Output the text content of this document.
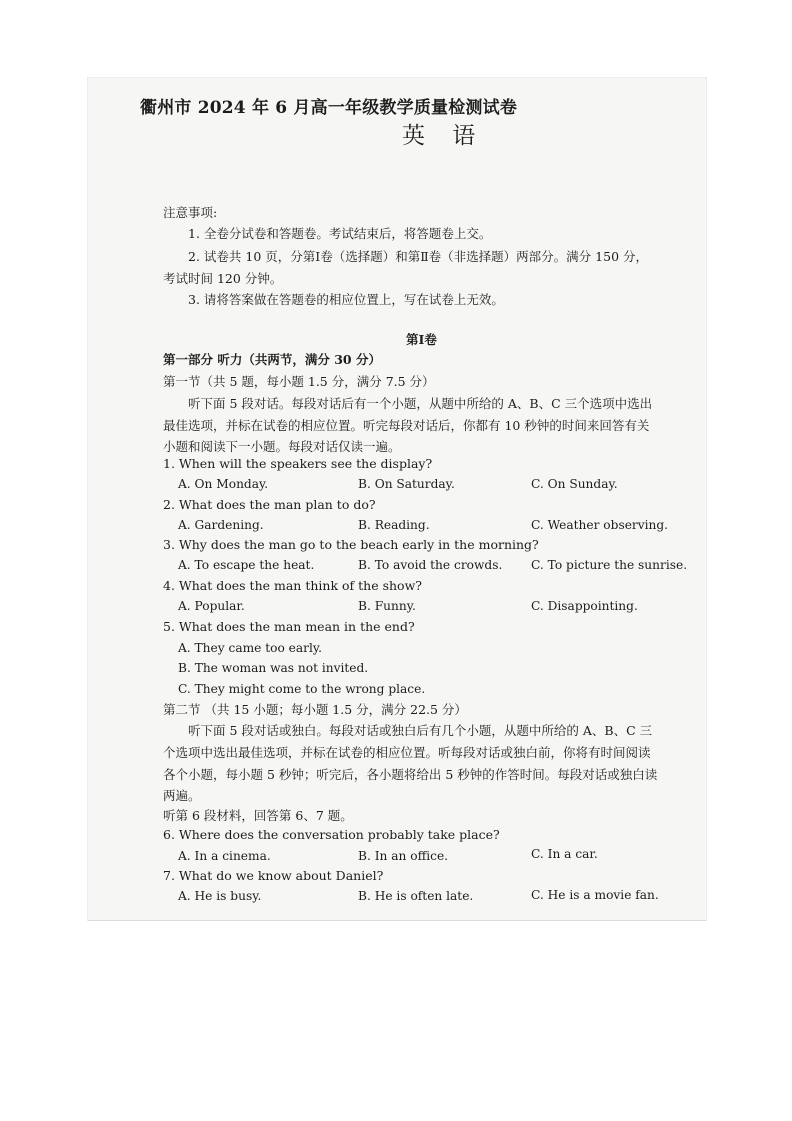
衢州市 2024 年 6 月高一年级教学质量检测试卷
英 语
注意事项:
1. 全卷分试卷和答题卷。考试结束后，将答题卷上交。
2. 试卷共 10 页，分第Ⅰ卷（选择题）和第Ⅱ卷（非选择题）两部分。满分 150 分，
考试时间 120 分钟。
3. 请将答案做在答题卷的相应位置上，写在试卷上无效。
第Ⅰ卷
第一部分 听力（共两节，满分 30 分）
第一节（共 5 题，每小题 1.5 分，满分 7.5 分）
听下面 5 段对话。每段对话后有一个小题，从题中所给的 A、B、C 三个选项中选出
最佳选项，并标在试卷的相应位置。听完每段对话后，你都有 10 秒钟的时间来回答有关
小题和阅读下一小题。每段对话仅读一遍。
1. When will the speakers see the display?
A. On Monday.	B. On Saturday.	C. On Sunday.
2. What does the man plan to do?
A. Gardening.	B. Reading.	C. Weather observing.
3. Why does the man go to the beach early in the morning?
A. To escape the heat.	B. To avoid the crowds. C. To picture the sunrise.
4. What does the man think of the show?
A. Popular.	B. Funny.	C. Disappointing.
5. What does the man mean in the end?
A. They came too early.
B. The woman was not invited.
C. They might come to the wrong place.
第二节 （共 15 小题；每小题 1.5 分，满分 22.5 分）
听下面 5 段对话或独白。每段对话或独白后有几个小题，从题中所给的 A、B、C 三
个选项中选出最佳选项，并标在试卷的相应位置。听每段对话或独白前，你将有时间阅读
各个小题，每小题 5 秒钟；听完后，各小题将给出 5 秒钟的作答时间。每段对话或独白读
两遍。
听第 6 段材料，回答第 6、7 题。
6. Where does the conversation probably take place?
A. In a cinema.	B. In an office.	C. In a car.
7. What do we know about Daniel?
A. He is busy.	B. He is often late.	C. He is a movie fan.
